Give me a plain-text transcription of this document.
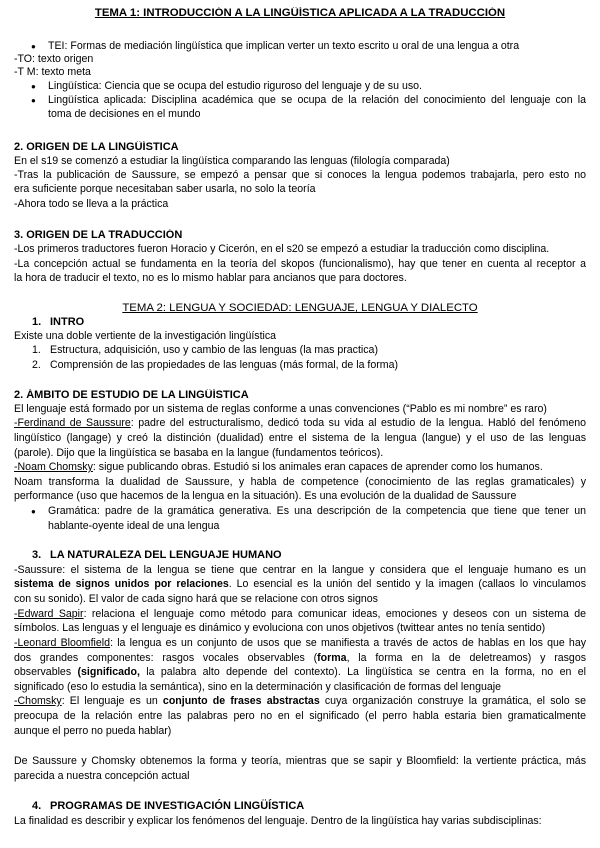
TEMA 1: INTRODUCCIÓN A LA LINGÜÍSTICA APLICADA A LA TRADUCCIÓN
● TEI: Formas de mediación lingüística que implican verter un texto escrito u oral de una lengua a otra
-TO: texto origen
-T M: texto meta
● Lingüística: Ciencia que se ocupa del estudio riguroso del lenguaje y de su uso.
● Lingüística aplicada: Disciplina académica que se ocupa de la relación del conocimiento del lenguaje con la
toma de decisiones en el mundo
2. ORIGEN DE LA LINGÜÍSTICA
En el s19 se comenzó a estudiar la lingüística comparando las lenguas (filología comparada)
-Tras la publicación de Saussure, se empezó a pensar que si conoces la lengua podemos trabajarla, pero esto no
era suficiente porque necesitaban saber usarla, no solo la teoría
-Ahora todo se lleva a la práctica
3. ORIGEN DE LA TRADUCCIÓN
-Los primeros traductores fueron Horacio y Cicerón, en el s20 se empezó a estudiar la traducción como disciplina.
-La concepción actual se fundamenta en la teoría del skopos (funcionalismo), hay que tener en cuenta al receptor a
la hora de traducir el texto, no es lo mismo hablar para ancianos que para doctores.
TEMA 2: LENGUA Y SOCIEDAD: LENGUAJE, LENGUA Y DIALECTO
1. INTRO
Existe una doble vertiente de la investigación lingüística
1. Estructura, adquisición, uso y cambio de las lenguas (la mas practica)
2. Comprensión de las propiedades de las lenguas (más formal, de la forma)
2. ÁMBITO DE ESTUDIO DE LA LINGÜÍSTICA
El lenguaje está formado por un sistema de reglas conforme a unas convenciones (“Pablo es mi nombre” es raro)
-Ferdinand de Saussure: padre del estructuralismo, dedicó toda su vida al estudio de la lengua. Habló del fenómeno
lingüístico (langage) y creó la distinción (dualidad) entre el sistema de la lengua (langue) y el uso de las lenguas
(parole). Dijo que la lingüística se basaba en la langue (fundamentos teóricos).
-Noam Chomsky: sigue publicando obras. Estudió si los animales eran capaces de aprender como los humanos.
Noam transforma la dualidad de Saussure, y habla de competence (conocimiento de las reglas gramaticales) y
performance (uso que hacemos de la lengua en la situación). Es una evolución de la dualidad de Saussure
● Gramática: padre de la gramática generativa. Es una descripción de la competencia que tiene que tener un
hablante-oyente ideal de una lengua
3. LA NATURALEZA DEL LENGUAJE HUMANO
-Saussure: el sistema de la lengua se tiene que centrar en la langue y considera que el lenguaje humano es un
sistema de signos unidos por relaciones. Lo esencial es la unión del sentido y la imagen (callaos lo vinculamos
con su sonido). El valor de cada signo hará que se relacione con otros signos
-Edward Sapir: relaciona el lenguaje como método para comunicar ideas, emociones y deseos con un sistema de
símbolos. Las lenguas y el lenguaje es dinámico y evoluciona con unos objetivos (twittear antes no tenía sentido)
-Leonard Bloomfield: la lengua es un conjunto de usos que se manifiesta a través de actos de hablas en los que hay
dos grandes componentes: rasgos vocales observables (forma, la forma en la de deletreamos) y rasgos
observables (significado, la palabra alto depende del contexto). La lingüística se centra en la forma, no en el
significado (eso lo estudia la semántica), sino en la determinación y clasificación de formas del lenguaje
-Chomsky: El lenguaje es un conjunto de frases abstractas cuya organización construye la gramática, el solo se
preocupa de la relación entre las palabras pero no en el significado (el perro habla estaria bien gramaticalmente
aunque el perro no pueda hablar)
De Saussure y Chomsky obtenemos la forma y teoría, mientras que se sapir y Bloomfield: la vertiente práctica, más
parecida a nuestra concepción actual
4. PROGRAMAS DE INVESTIGACIÓN LINGÜÍSTICA
La finalidad es describir y explicar los fenómenos del lenguaje. Dentro de la lingüística hay varias subdisciplinas:
